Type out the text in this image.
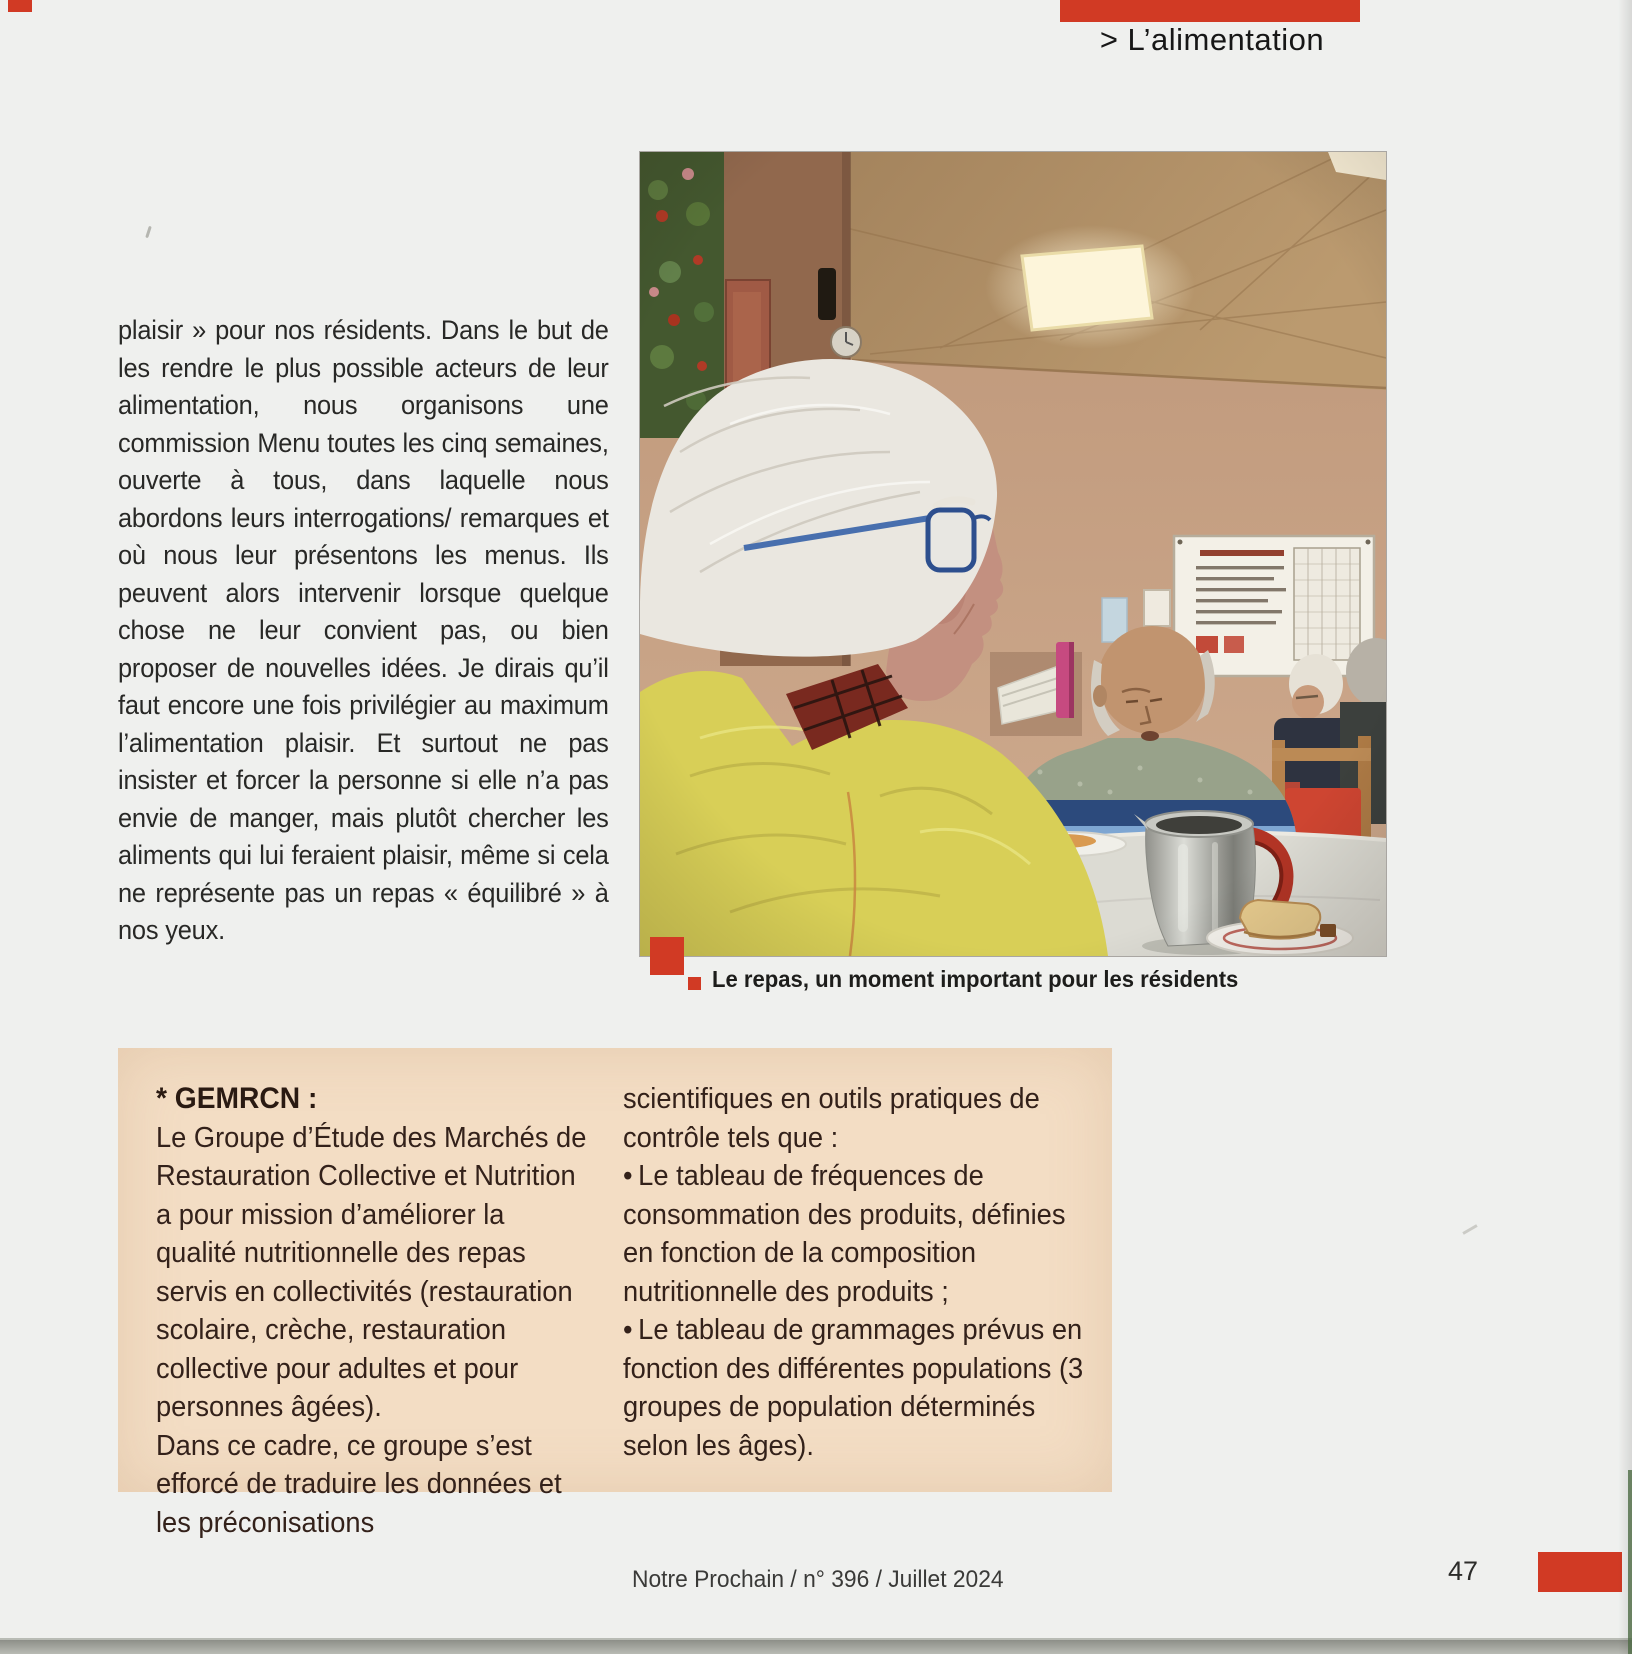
> L’alimentation
plaisir » pour nos résidents. Dans le but de les rendre le plus possible acteurs de leur alimentation, nous organisons une commission Menu toutes les cinq semaines, ouverte à tous, dans laquelle nous abordons leurs interrogations/ remarques et où nous leur présentons les menus. Ils peuvent alors intervenir lorsque quelque chose ne leur convient pas, ou bien proposer de nouvelles idées. Je dirais qu’il faut encore une fois privilégier au maximum l’alimentation plaisir. Et surtout ne pas insister et forcer la personne si elle n’a pas envie de manger, mais plutôt chercher les aliments qui lui feraient plaisir, même si cela ne représente pas un repas « équilibré » à nos yeux.
Le repas, un moment important pour les résidents
* GEMRCN :

Le Groupe d’Étude des Marchés de Restauration Collective et Nutrition a pour mission d’améliorer la qualité nutritionnelle des repas servis en collectivités (restauration scolaire, crèche, restauration collective pour adultes et pour personnes âgées).

Dans ce cadre, ce groupe s’est efforcé de traduire les données et les préconisations

scientifiques en outils pratiques de contrôle tels que :

• Le tableau de fréquences de consommation des produits, définies en fonction de la composition nutritionnelle des produits ;

• Le tableau de grammages prévus en fonction des différentes populations (3 groupes de population déterminés selon les âges).

Notre Prochain / n° 396 / Juillet 2024	47
